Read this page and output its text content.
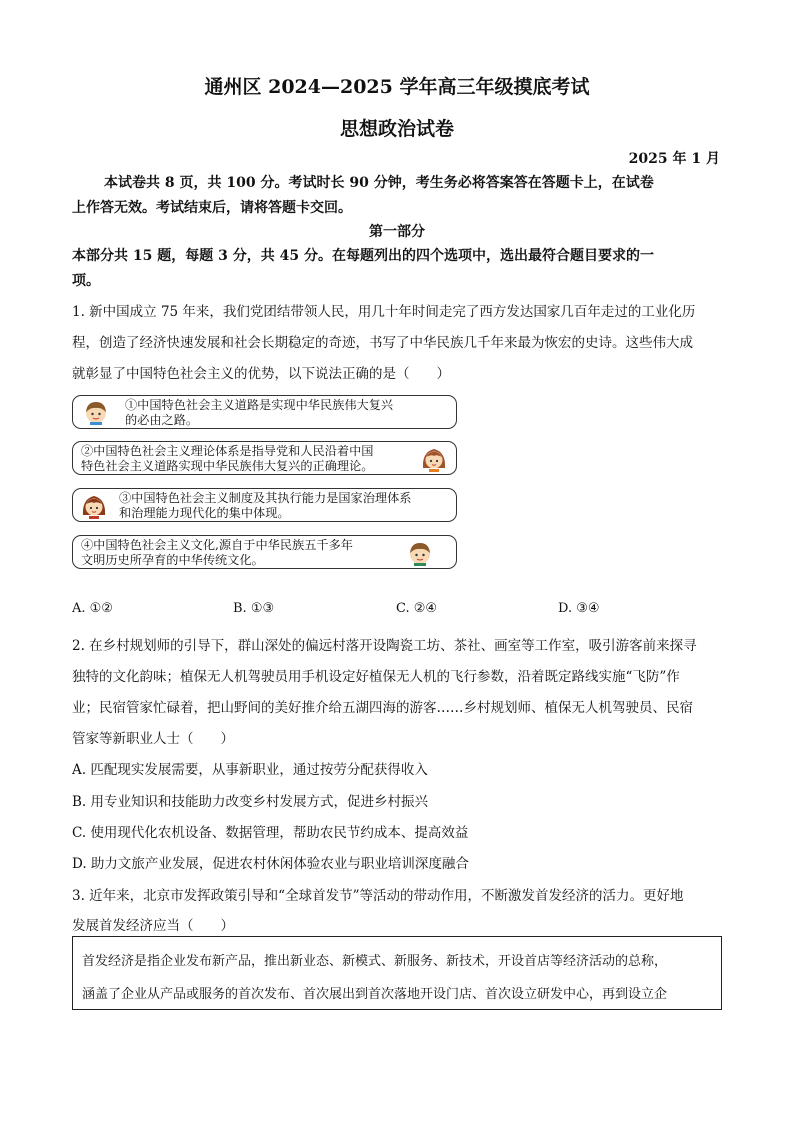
通州区 2024—2025 学年高三年级摸底考试
思想政治试卷
2025 年 1 月
本试卷共 8 页，共 100 分。考试时长 90 分钟，考生务必将答案答在答题卡上，在试卷
上作答无效。考试结束后，请将答题卡交回。
第一部分
本部分共 15 题，每题 3 分，共 45 分。在每题列出的四个选项中，选出最符合题目要求的一
项。
1. 新中国成立 75 年来，我们党团结带领人民，用几十年时间走完了西方发达国家几百年走过的工业化历
程，创造了经济快速发展和社会长期稳定的奇迹，书写了中华民族几千年来最为恢宏的史诗。这些伟大成
就彰显了中国特色社会主义的优势，以下说法正确的是（　　）
①中国特色社会主义道路是实现中华民族伟大复兴
的必由之路。
②中国特色社会主义理论体系是指导党和人民沿着中国
特色社会主义道路实现中华民族伟大复兴的正确理论。
③中国特色社会主义制度及其执行能力是国家治理体系
和治理能力现代化的集中体现。
④中国特色社会主义文化,源自于中华民族五千多年
文明历史所孕育的中华传统文化。
A. ①②	B. ①③	C. ②④	D. ③④
2. 在乡村规划师的引导下，群山深处的偏远村落开设陶瓷工坊、茶社、画室等工作室，吸引游客前来探寻
独特的文化韵味；植保无人机驾驶员用手机设定好植保无人机的飞行参数，沿着既定路线实施“飞防”作
业；民宿管家忙碌着，把山野间的美好推介给五湖四海的游客……乡村规划师、植保无人机驾驶员、民宿
管家等新职业人士（　　）
A. 匹配现实发展需要，从事新职业，通过按劳分配获得收入
B. 用专业知识和技能助力改变乡村发展方式，促进乡村振兴
C. 使用现代化农机设备、数据管理，帮助农民节约成本、提高效益
D. 助力文旅产业发展，促进农村休闲体验农业与职业培训深度融合
3. 近年来，北京市发挥政策引导和“全球首发节”等活动的带动作用，不断激发首发经济的活力。更好地
发展首发经济应当（　　）
首发经济是指企业发布新产品，推出新业态、新模式、新服务、新技术，开设首店等经济活动的总称，
涵盖了企业从产品或服务的首次发布、首次展出到首次落地开设门店、首次设立研发中心，再到设立企
